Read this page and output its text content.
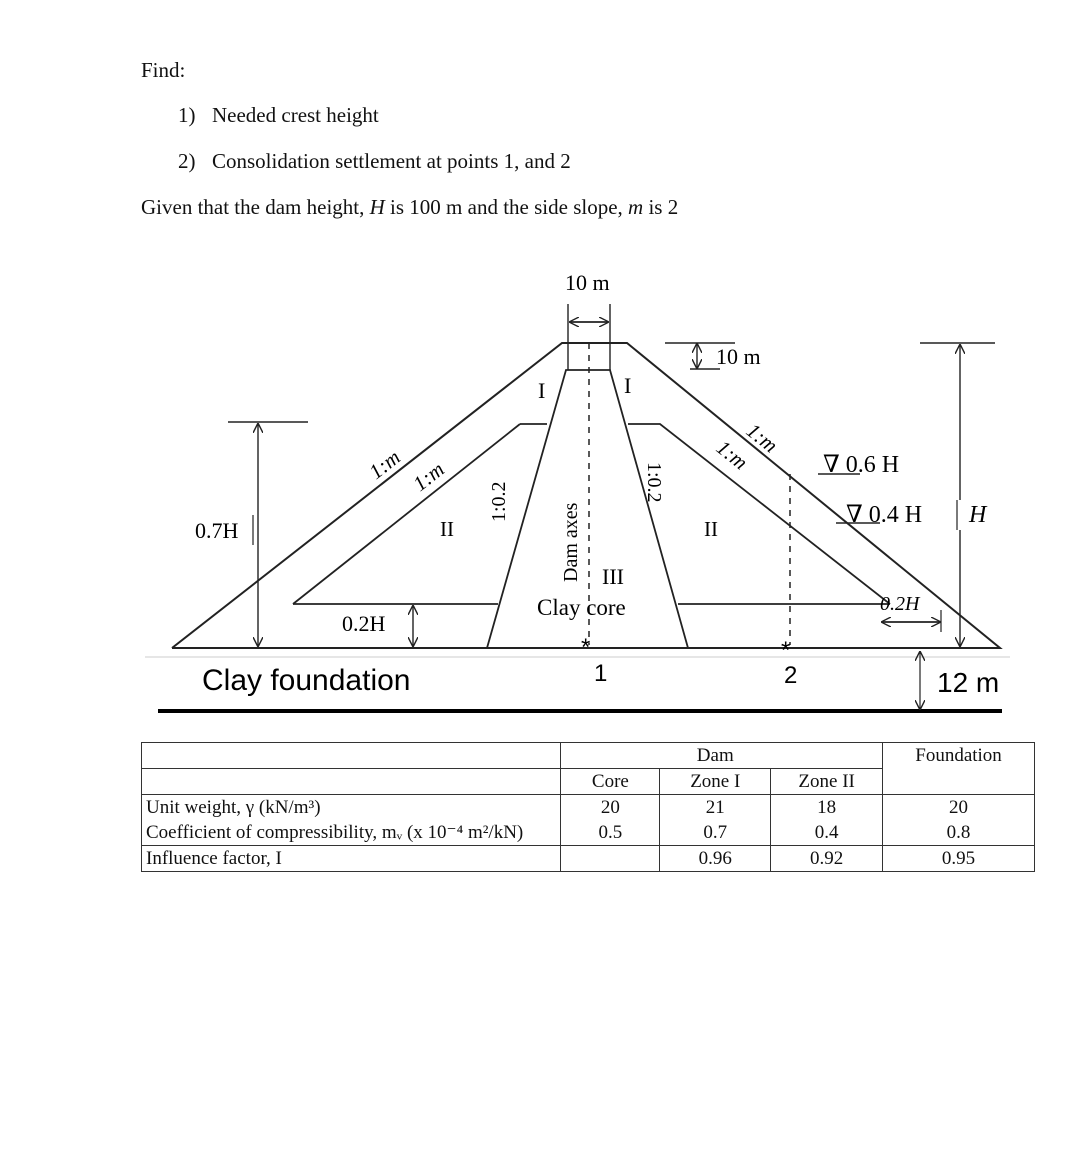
Find:
1) Needed crest height
2) Consolidation settlement at points 1, and 2
Given that the dam height, H is 100 m and the side slope, m is 2
10 m
Dam axes
10 m
I	I
1:m 1:m
1:m
1:m
1:0.2	1:0.2
II	II
III
Clay core
*
1
*
2
∇ 0.6 H
∇ 0.4 H H
0.2H
0.7H
0.2H
Clay foundation	12 m
		Dam		Foundation
	Core	Zone I	Zone II	
Unit weight, γ (kN/m³)	20	21	18	20
Coefficient of compressibility, mᵥ (x 10⁻⁴ m²/kN)	0.5	0.7	0.4	0.8
Influence factor, I		0.96	0.92	0.95
